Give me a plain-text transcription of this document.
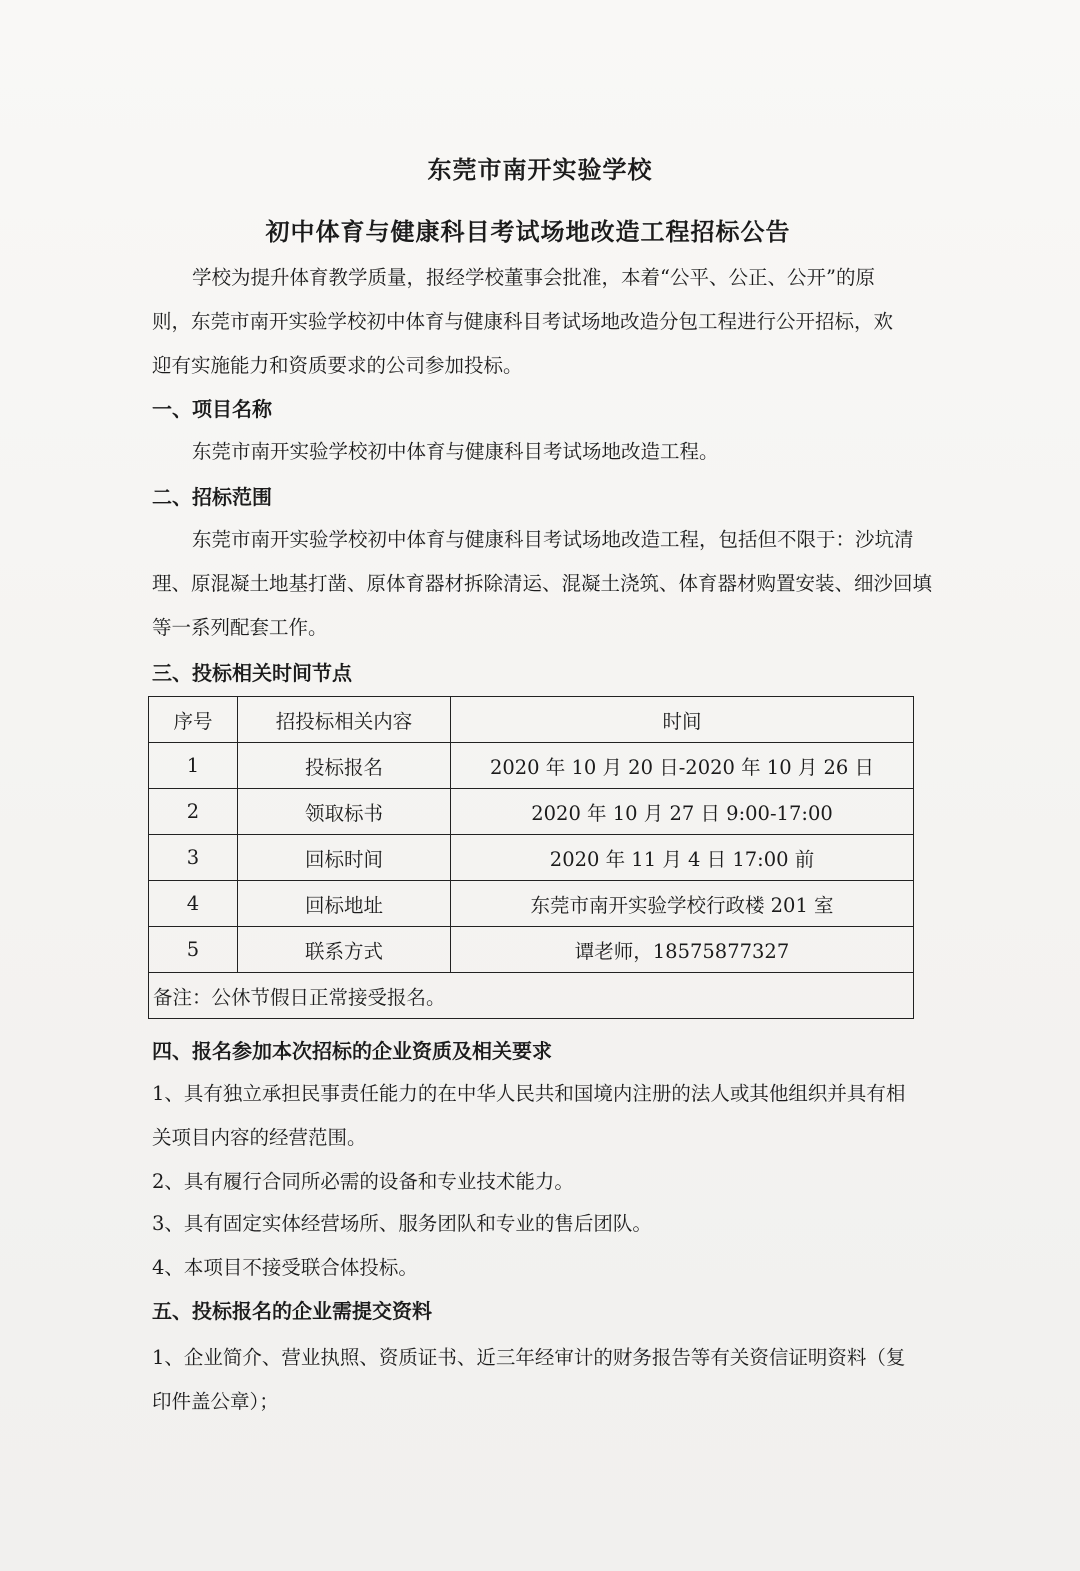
东莞市南开实验学校
初中体育与健康科目考试场地改造工程招标公告
学校为提升体育教学质量，报经学校董事会批准，本着“公平、公正、公开”的原则，东莞市南开实验学校初中体育与健康科目考试场地改造分包工程进行公开招标，欢迎有实施能力和资质要求的公司参加投标。
一、项目名称
东莞市南开实验学校初中体育与健康科目考试场地改造工程。
二、招标范围
东莞市南开实验学校初中体育与健康科目考试场地改造工程，包括但不限于：沙坑清理、原混凝土地基打凿、原体育器材拆除清运、混凝土浇筑、体育器材购置安装、细沙回填等一系列配套工作。
三、投标相关时间节点
序号	招投标相关内容	时间
1	投标报名	2020 年 10 月 20 日-2020 年 10 月 26 日
2	领取标书	2020 年 10 月 27 日 9:00-17:00
3	回标时间	2020 年 11 月 4 日 17:00 前
4	回标地址	东莞市南开实验学校行政楼 201 室
5	联系方式	谭老师，18575877327
备注：公休节假日正常接受报名。		
四、报名参加本次招标的企业资质及相关要求
1、具有独立承担民事责任能力的在中华人民共和国境内注册的法人或其他组织并具有相关项目内容的经营范围。
2、具有履行合同所必需的设备和专业技术能力。
3、具有固定实体经营场所、服务团队和专业的售后团队。
4、本项目不接受联合体投标。
五、投标报名的企业需提交资料
1、企业简介、营业执照、资质证书、近三年经审计的财务报告等有关资信证明资料（复印件盖公章）；
